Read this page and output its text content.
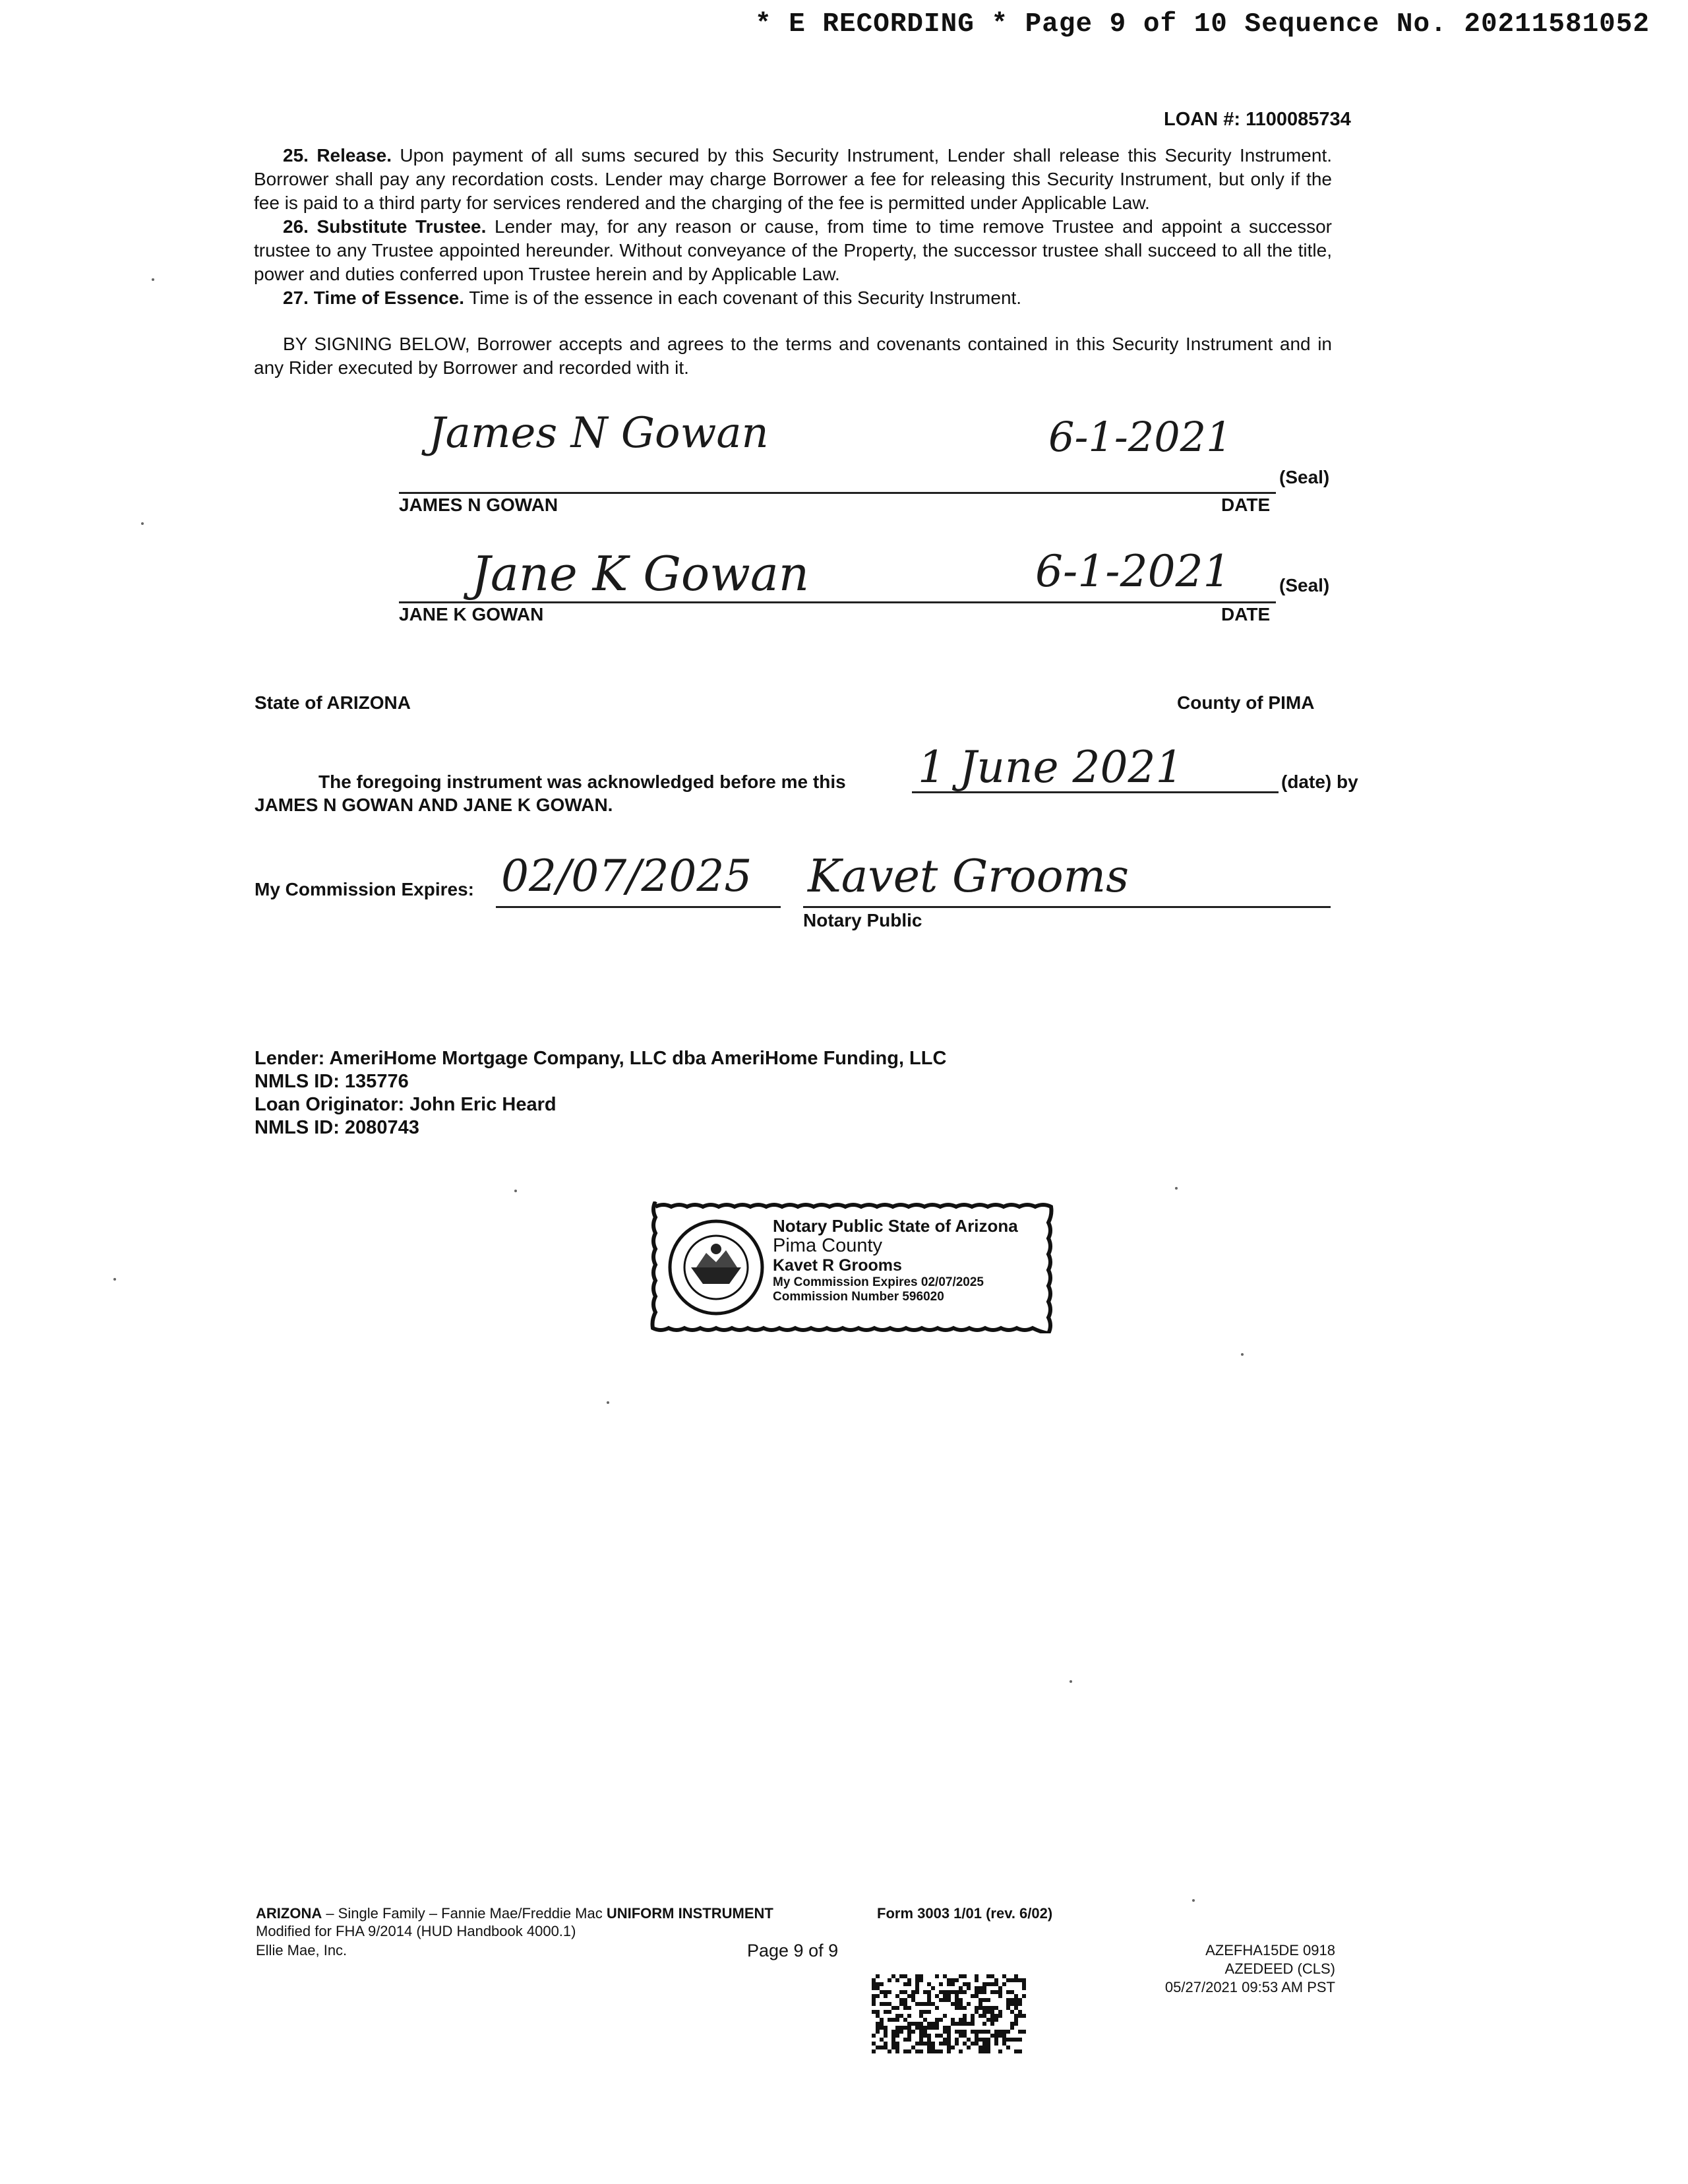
* E RECORDING * Page 9 of 10 Sequence No. 20211581052
LOAN #: 1100085734

25. Release. Upon payment of all sums secured by this Security Instrument, Lender shall release this Security Instrument. Borrower shall pay any recordation costs. Lender may charge Borrower a fee for releasing this Security Instrument, but only if the fee is paid to a third party for services rendered and the charging of the fee is permitted under Applicable Law.

26. Substitute Trustee. Lender may, for any reason or cause, from time to time remove Trustee and appoint a successor trustee to any Trustee appointed hereunder. Without conveyance of the Property, the successor trustee shall succeed to all the title, power and duties conferred upon Trustee herein and by Applicable Law.

27. Time of Essence. Time is of the essence in each covenant of this Security Instrument.

BY SIGNING BELOW, Borrower accepts and agrees to the terms and covenants contained in this Security Instrument and in any Rider executed by Borrower and recorded with it.

James N Gowan	6-1-2021
JAMES N GOWAN	DATE
(Seal)
Jane K Gowan	6-1-2021
JANE K GOWAN	DATE
(Seal)
State of ARIZONA	County of PIMA
The foregoing instrument was acknowledged before me this 1 June 2021	(date) by
JAMES N GOWAN AND JANE K GOWAN.
My Commission Expires: 02/07/2025 Kavet Grooms
Notary Public
Lender: AmeriHome Mortgage Company, LLC dba AmeriHome Funding, LLC
NMLS ID: 135776
Loan Originator: John Eric Heard
NMLS ID: 2080743
Notary Public State of Arizona
Pima County
Kavet R Grooms
My Commission Expires 02/07/2025
Commission Number 596020
ARIZONA – Single Family – Fannie Mae/Freddie Mac UNIFORM INSTRUMENT	Form 3003 1/01 (rev. 6/02)
Modified for FHA 9/2014 (HUD Handbook 4000.1)
Ellie Mae, Inc.	Page 9 of 9	AZEFHA15DE 0918
AZEDEED (CLS)
05/27/2021 09:53 AM PST
